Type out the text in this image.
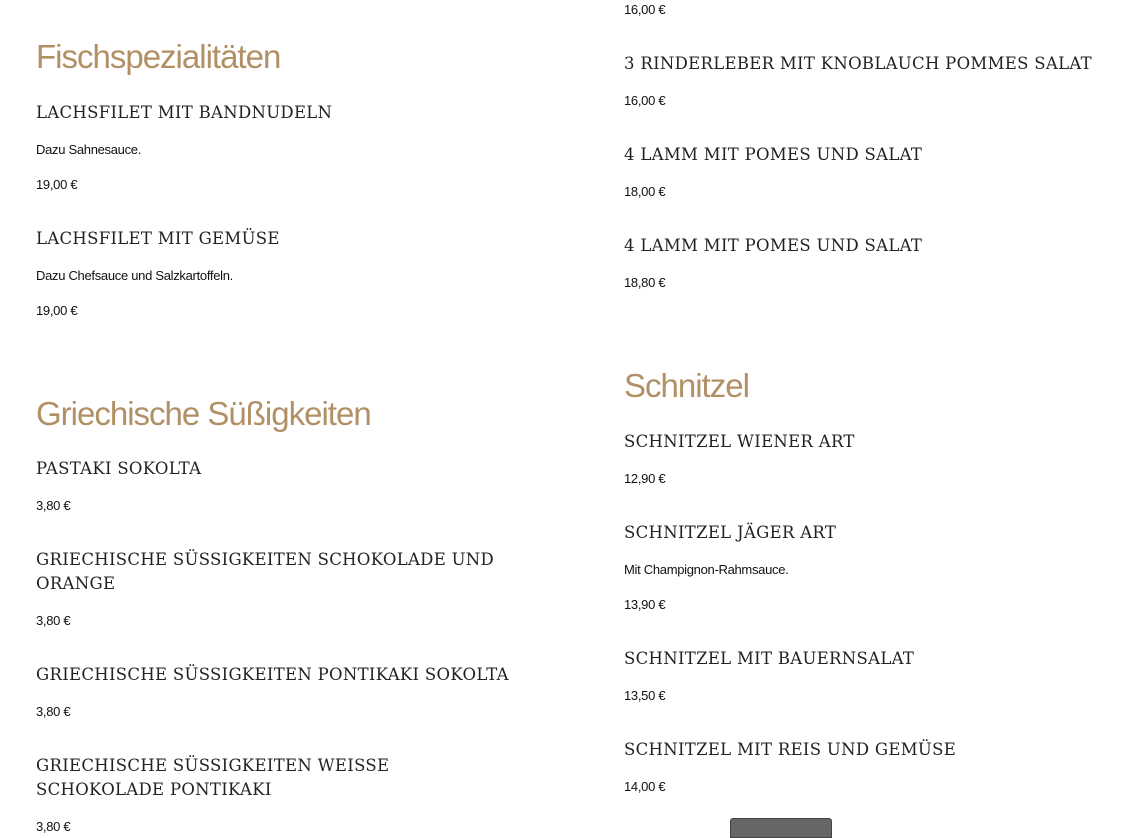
Fischspezialitäten
LACHSFILET MIT BANDNUDELN

Dazu Sahnesauce.

19,00 €

LACHSFILET MIT GEMÜSE

Dazu Chefsauce und Salzkartoffeln.

19,00 €

Griechische Süßigkeiten
PASTAKI SOKOLTA

3,80 €

GRIECHISCHE SÜSSIGKEITEN SCHOKOLADE UND ORANGE

3,80 €

GRIECHISCHE SÜSSIGKEITEN PONTIKAKI SOKOLTA

3,80 €

GRIECHISCHE SÜSSIGKEITEN WEISSE SCHOKOLADE PONTIKAKI

3,80 €

16,00 €

3 RINDERLEBER MIT KNOBLAUCH POMMES SALAT

16,00 €

4 LAMM MIT POMES UND SALAT

18,00 €

4 LAMM MIT POMES UND SALAT

18,80 €

Schnitzel
SCHNITZEL WIENER ART

12,90 €

SCHNITZEL JÄGER ART

Mit Champignon-Rahmsauce.

13,90 €

SCHNITZEL MIT BAUERNSALAT

13,50 €

SCHNITZEL MIT REIS UND GEMÜSE

14,00 €
